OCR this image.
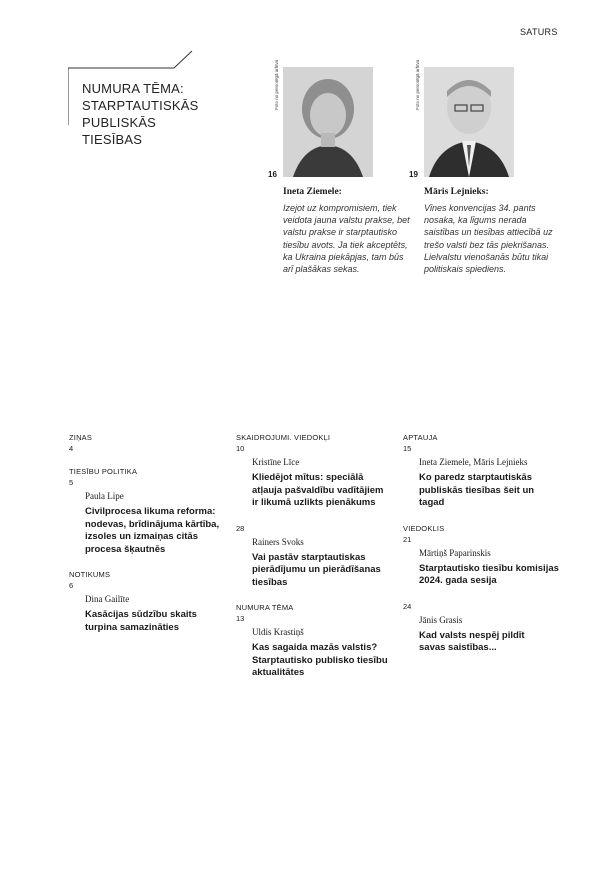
SATURS
NUMURA TĒMA:
STARPTAUTISKĀS
PUBLISKĀS TIESĪBAS
Foto no personīgā arhīva
16
Ineta Ziemele:
Izejot uz kompromisiem, tiek veidota jauna valstu prakse, bet valstu prakse ir starptautisko tiesību avots. Ja tiek akceptēts, ka Ukraina piekāpjas, tam būs arī plašākas sekas.
Foto no personīgā arhīva
19
Māris Lejnieks:
Vīnes konvencijas 34. pants nosaka, ka līgums nerada saistības un tiesības attiecībā uz trešo valsti bez tās piekrišanas. Lielvalstu vienošanās būtu tikai politiskais spiediens.
ZIŅAS
4
TIESĪBU POLITIKA
5
Paula Lipe
Civilprocesa likuma reforma: nodevas, brīdinājuma kārtība, izsoles un izmaiņas citās procesa šķautnēs
NOTIKUMS
6
Dina Gailīte
Kasācijas sūdzību skaits turpina samazināties
SKAIDROJUMI. VIEDOKĻI
10
Kristīne Līce
Kliedējot mītus: speciālā atļauja pašvaldību vadītājiem ir likumā uzlikts pienākums
28
Rainers Svoks
Vai pastāv starptautiskas pierādījumu un pierādīšanas tiesības
NUMURA TĒMA
13
Uldis Krastiņš
Kas sagaida mazās valstis? Starptautisko publisko tiesību aktualitātes
APTAUJA
15
Ineta Ziemele, Māris Lejnieks
Ko paredz starptautiskās publiskās tiesības šeit un tagad
VIEDOKLIS
21
Mārtiņš Paparinskis
Starptautisko tiesību komisijas 2024. gada sesija
24
Jānis Grasis
Kad valsts nespēj pildīt savas saistības...
